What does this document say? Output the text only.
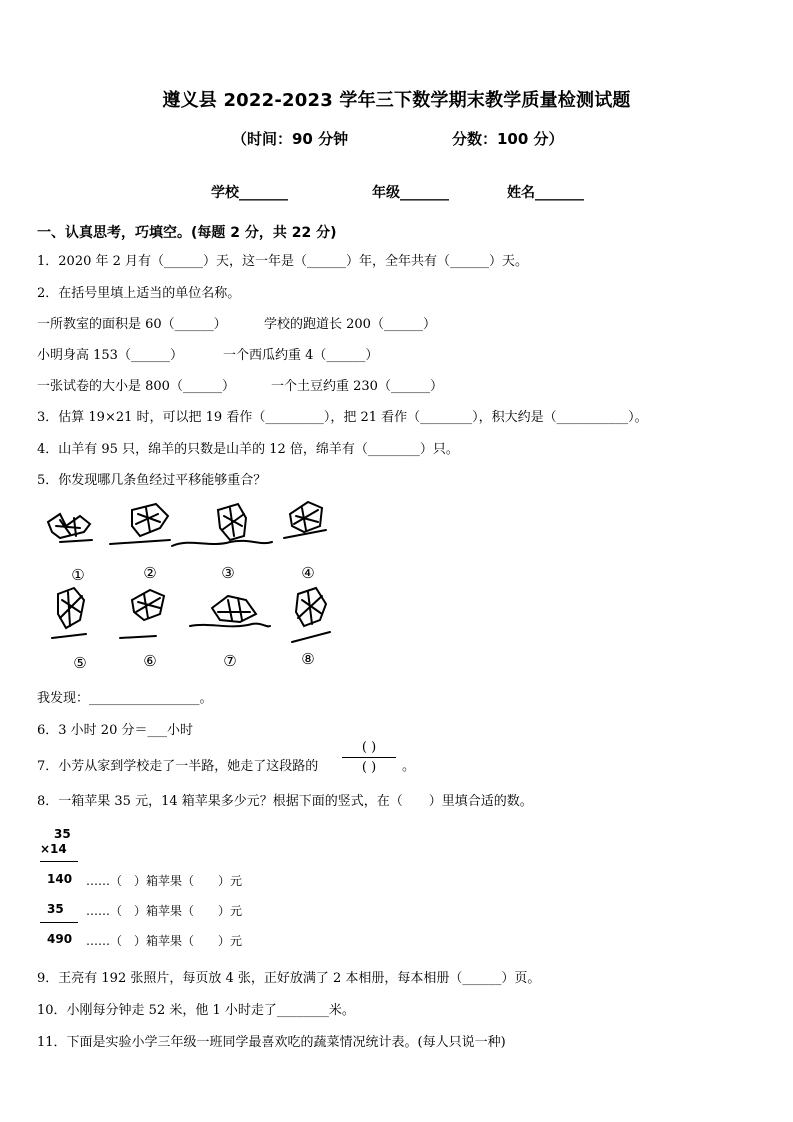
遵义县 2022-2023 学年三下数学期末教学质量检测试题
（时间：90 分钟	分数：100 分）
学校_______	年级_______	姓名_______
一、认真思考，巧填空。(每题 2 分，共 22 分)
1．2020 年 2 月有（______）天，这一年是（______）年，全年共有（______）天。
2．在括号里填上适当的单位名称。
一所教室的面积是 60（______）	学校的跑道长 200（______）
小明身高 153（______）	一个西瓜约重 4（______）
一张试卷的大小是 800（______）	一个土豆约重 230（______）
3．估算 19×21 时，可以把 19 看作（_________），把 21 看作（________），积大约是（___________）。
4．山羊有 95 只，绵羊的只数是山羊的 12 倍，绵羊有（________）只。
5．你发现哪几条鱼经过平移能够重合？
①	②	③	④
⑤	⑥	⑦	⑧
我发现：_________________。
6．3 小时 20 分＝___小时
7．小芳从家到学校走了一半路，她走了这段路的
( )
( )	。
8．一箱苹果 35 元，14 箱苹果多少元？根据下面的竖式，在（　　）里填合适的数。
35
×14
140 ……（　）箱苹果（　　）元
35 ……（　）箱苹果（　　）元
490 ……（　）箱苹果（　　）元
9．王亮有 192 张照片，每页放 4 张，正好放满了 2 本相册，每本相册（______）页。
10．小刚每分钟走 52 米，他 1 小时走了________米。
11．下面是实验小学三年级一班同学最喜欢吃的蔬菜情况统计表。(每人只说一种)
